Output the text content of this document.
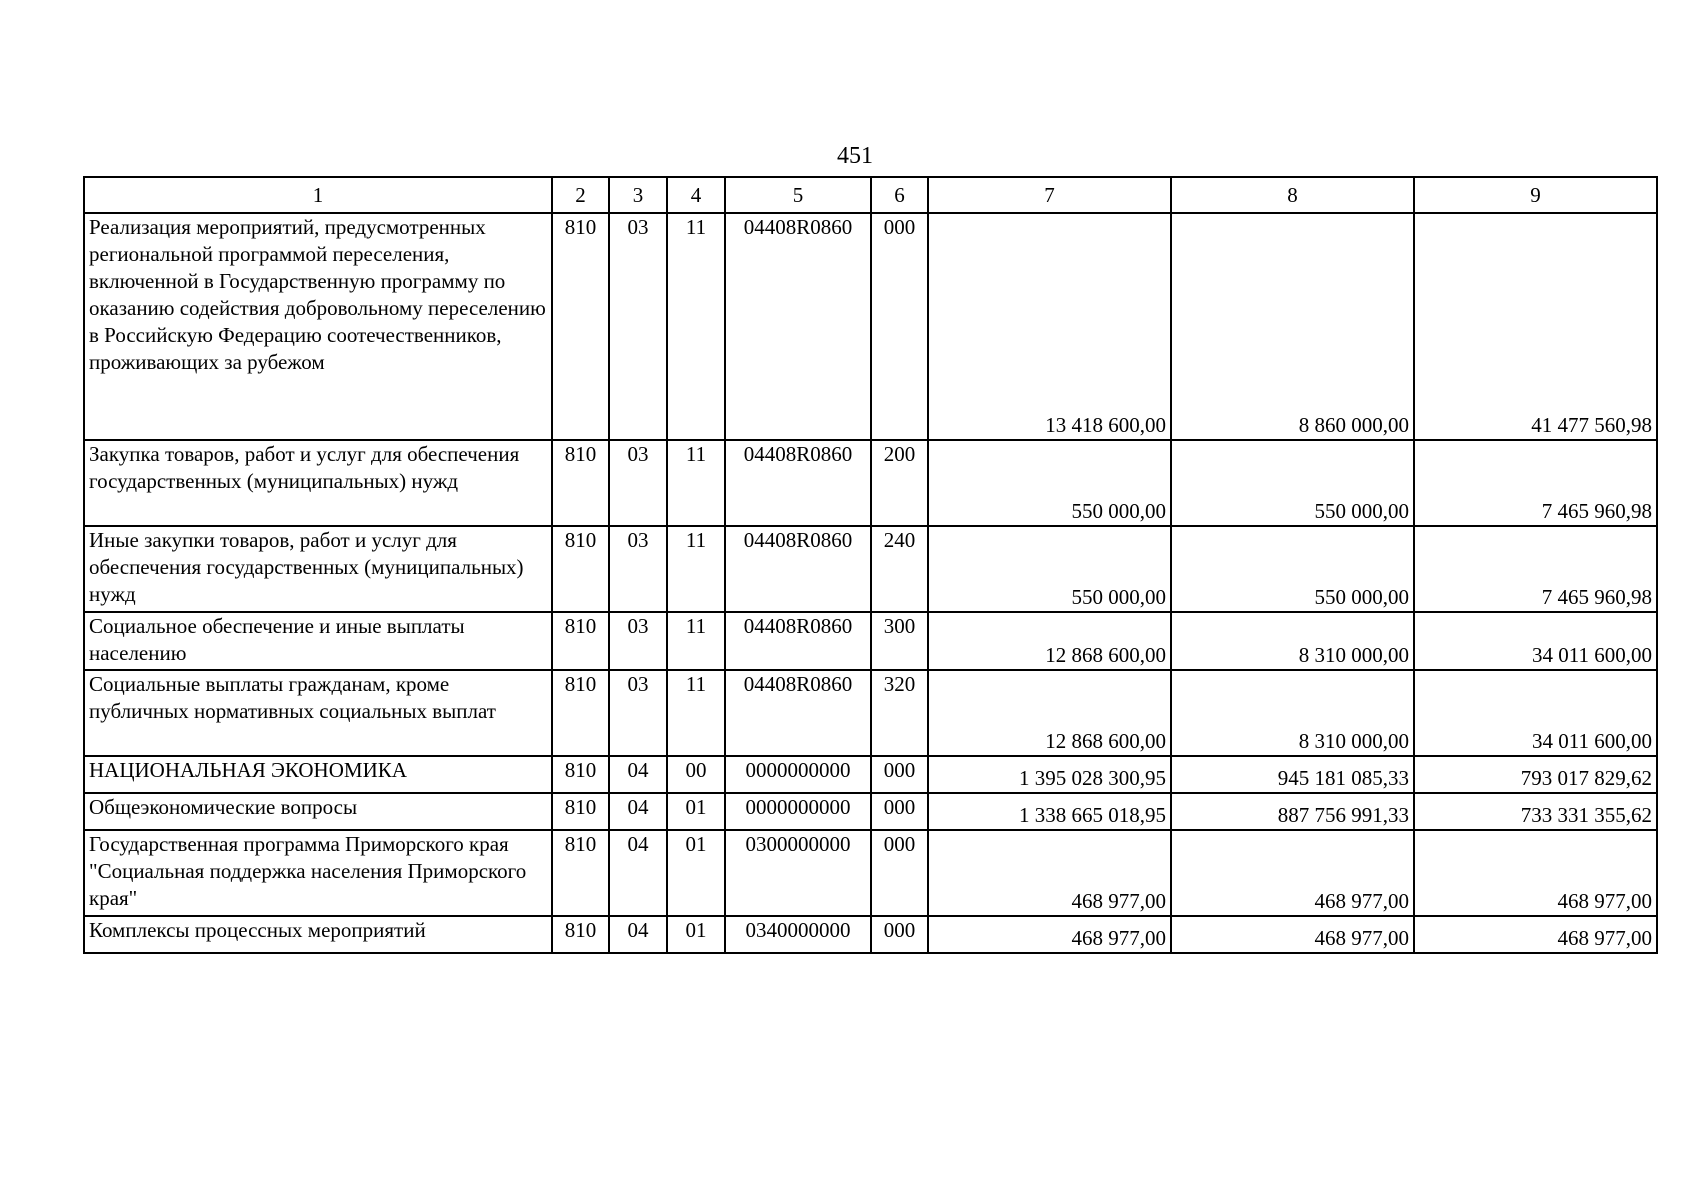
451
1	2	3	4	5	6	7	8	9
Реализация мероприятий, предусмотренных региональной программой переселения, включенной в Государственную программу по оказанию содействия добровольному переселению в Российскую Федерацию соотечественников, проживающих за рубежом	810	03	11	04408R0860	000	13 418 600,00	8 860 000,00	41 477 560,98
Закупка товаров, работ и услуг для обеспечения государственных (муниципальных) нужд	810	03	11	04408R0860	200	550 000,00	550 000,00	7 465 960,98
Иные закупки товаров, работ и услуг для обеспечения государственных (муниципальных) нужд	810	03	11	04408R0860	240	550 000,00	550 000,00	7 465 960,98
Социальное обеспечение и иные выплаты населению	810	03	11	04408R0860	300	12 868 600,00	8 310 000,00	34 011 600,00
Социальные выплаты гражданам, кроме публичных нормативных социальных выплат	810	03	11	04408R0860	320	12 868 600,00	8 310 000,00	34 011 600,00
НАЦИОНАЛЬНАЯ ЭКОНОМИКА	810	04	00	0000000000	000	1 395 028 300,95	945 181 085,33	793 017 829,62
Общеэкономические вопросы	810	04	01	0000000000	000	1 338 665 018,95	887 756 991,33	733 331 355,62
Государственная программа Приморского края "Социальная поддержка населения Приморского края"	810	04	01	0300000000	000	468 977,00	468 977,00	468 977,00
Комплексы процессных мероприятий	810	04	01	0340000000	000	468 977,00	468 977,00	468 977,00
